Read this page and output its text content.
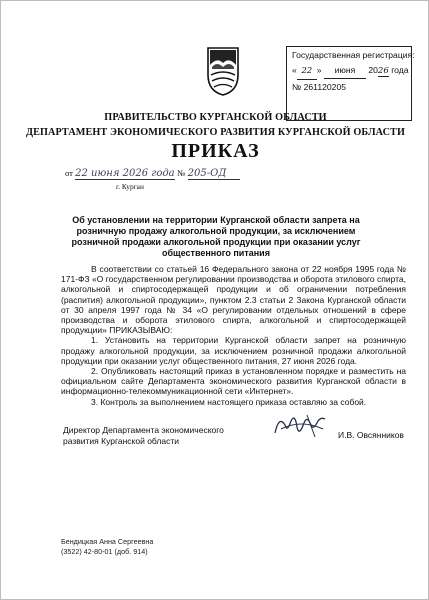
Государственная регистрация:
« 22 » июня 2026 года
№ 261120205
ПРАВИТЕЛЬСТВО КУРГАНСКОЙ ОБЛАСТИ
ДЕПАРТАМЕНТ ЭКОНОМИЧЕСКОГО РАЗВИТИЯ КУРГАНСКОЙ ОБЛАСТИ
ПРИКАЗ
от 22 июня 2026 года № 205-ОД
г. Курган
Об установлении на территории Курганской области запрета на розничную продажу алкогольной продукции, за исключением розничной продажи алкогольной продукции при оказании услуг общественного питания

В соответствии со статьей 16 Федерального закона от 22 ноября 1995 года № 171-ФЗ «О государственном регулировании производства и оборота этилового спирта, алкогольной и спиртосодержащей продукции и об ограничении потребления (распития) алкогольной продукции», пунктом 2.3 статьи 2 Закона Курганской области от 30 апреля 1997 года № 34 «О регулировании отдельных отношений в сфере производства и оборота этилового спирта, алкогольной и спиртосодержащей продукции» ПРИКАЗЫВАЮ:

1. Установить на территории Курганской области запрет на розничную продажу алкогольной продукции, за исключением розничной продажи алкогольной продукции при оказании услуг общественного питания, 27 июня 2026 года.

2. Опубликовать настоящий приказ в установленном порядке и разместить на официальном сайте Департамента экономического развития Курганской области в информационно-телекоммуникационной сети «Интернет».

3. Контроль за выполнением настоящего приказа оставляю за собой.

Директор Департамента экономического
развития Курганской области
И.В. Овсянников
Бендицкая Анна Сергеевна
(3522) 42-80-01 (доб. 914)
